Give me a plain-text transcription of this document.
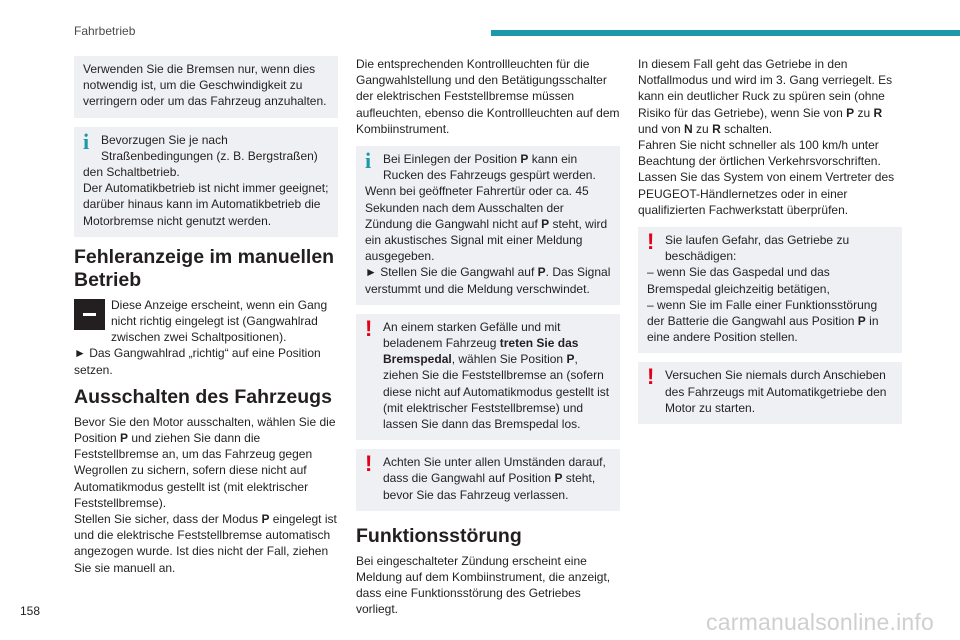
Fahrbetrieb

Verwenden Sie die Bremsen nur, wenn dies notwendig ist, um die Geschwindigkeit zu verringern oder um das Fahrzeug anzuhalten.

i Bevorzugen Sie je nach Straßenbedingungen (z. B. Bergstraßen)

den Schaltbetrieb.

Der Automatikbetrieb ist nicht immer geeignet; darüber hinaus kann im Automatikbetrieb die Motorbremse nicht genutzt werden.

Fehleranzeige im manuellen
Betrieb

Diese Anzeige erscheint, wenn ein Gang nicht richtig eingelegt ist (Gangwahlrad zwischen zwei Schaltpositionen).

► Das Gangwahlrad „richtig“ auf eine Position setzen.

Ausschalten des Fahrzeugs

Bevor Sie den Motor ausschalten, wählen Sie die Position P und ziehen Sie dann die Feststellbremse an, um das Fahrzeug gegen Wegrollen zu sichern, sofern diese nicht auf Automatikmodus gestellt ist (mit elektrischer Feststellbremse).

Stellen Sie sicher, dass der Modus P eingelegt ist und die elektrische Feststellbremse automatisch angezogen wurde. Ist dies nicht der Fall, ziehen Sie sie manuell an.

Die entsprechenden Kontrollleuchten für die Gangwahlstellung und den Betätigungsschalter der elektrischen Feststellbremse müssen aufleuchten, ebenso die Kontrollleuchten auf dem Kombiinstrument.

i Bei Einlegen der Position P kann ein Rucken des Fahrzeugs gespürt werden.

Wenn bei geöffneter Fahrertür oder ca. 45 Sekunden nach dem Ausschalten der Zündung die Gangwahl nicht auf P steht, wird ein akustisches Signal mit einer Meldung ausgegeben.

► Stellen Sie die Gangwahl auf P. Das Signal verstummt und die Meldung verschwindet.

! An einem starken Gefälle und mit beladenem Fahrzeug treten Sie das Bremspedal, wählen Sie Position P, ziehen Sie die Feststellbremse an (sofern diese nicht auf Automatikmodus gestellt ist (mit elektrischer Feststellbremse) und lassen Sie dann das Bremspedal los.
! Achten Sie unter allen Umständen darauf, dass die Gangwahl auf Position P steht, bevor Sie das Fahrzeug verlassen.
Funktionsstörung

Bei eingeschalteter Zündung erscheint eine Meldung auf dem Kombiinstrument, die anzeigt, dass eine Funktionsstörung des Getriebes vorliegt.

In diesem Fall geht das Getriebe in den Notfallmodus und wird im 3. Gang verriegelt. Es kann ein deutlicher Ruck zu spüren sein (ohne Risiko für das Getriebe), wenn Sie von P zu R und von N zu R schalten.

Fahren Sie nicht schneller als 100 km/h unter Beachtung der örtlichen Verkehrsvorschriften. Lassen Sie das System von einem Vertreter des PEUGEOT-Händlernetzes oder in einer qualifizierten Fachwerkstatt überprüfen.

! Sie laufen Gefahr, das Getriebe zu beschädigen:

– wenn Sie das Gaspedal und das Bremspedal gleichzeitig betätigen,

– wenn Sie im Falle einer Funktionsstörung der Batterie die Gangwahl aus Position P in eine andere Position stellen.

! Versuchen Sie niemals durch Anschieben des Fahrzeugs mit Automatikgetriebe den Motor zu starten.
158	carmanualsonline.info
